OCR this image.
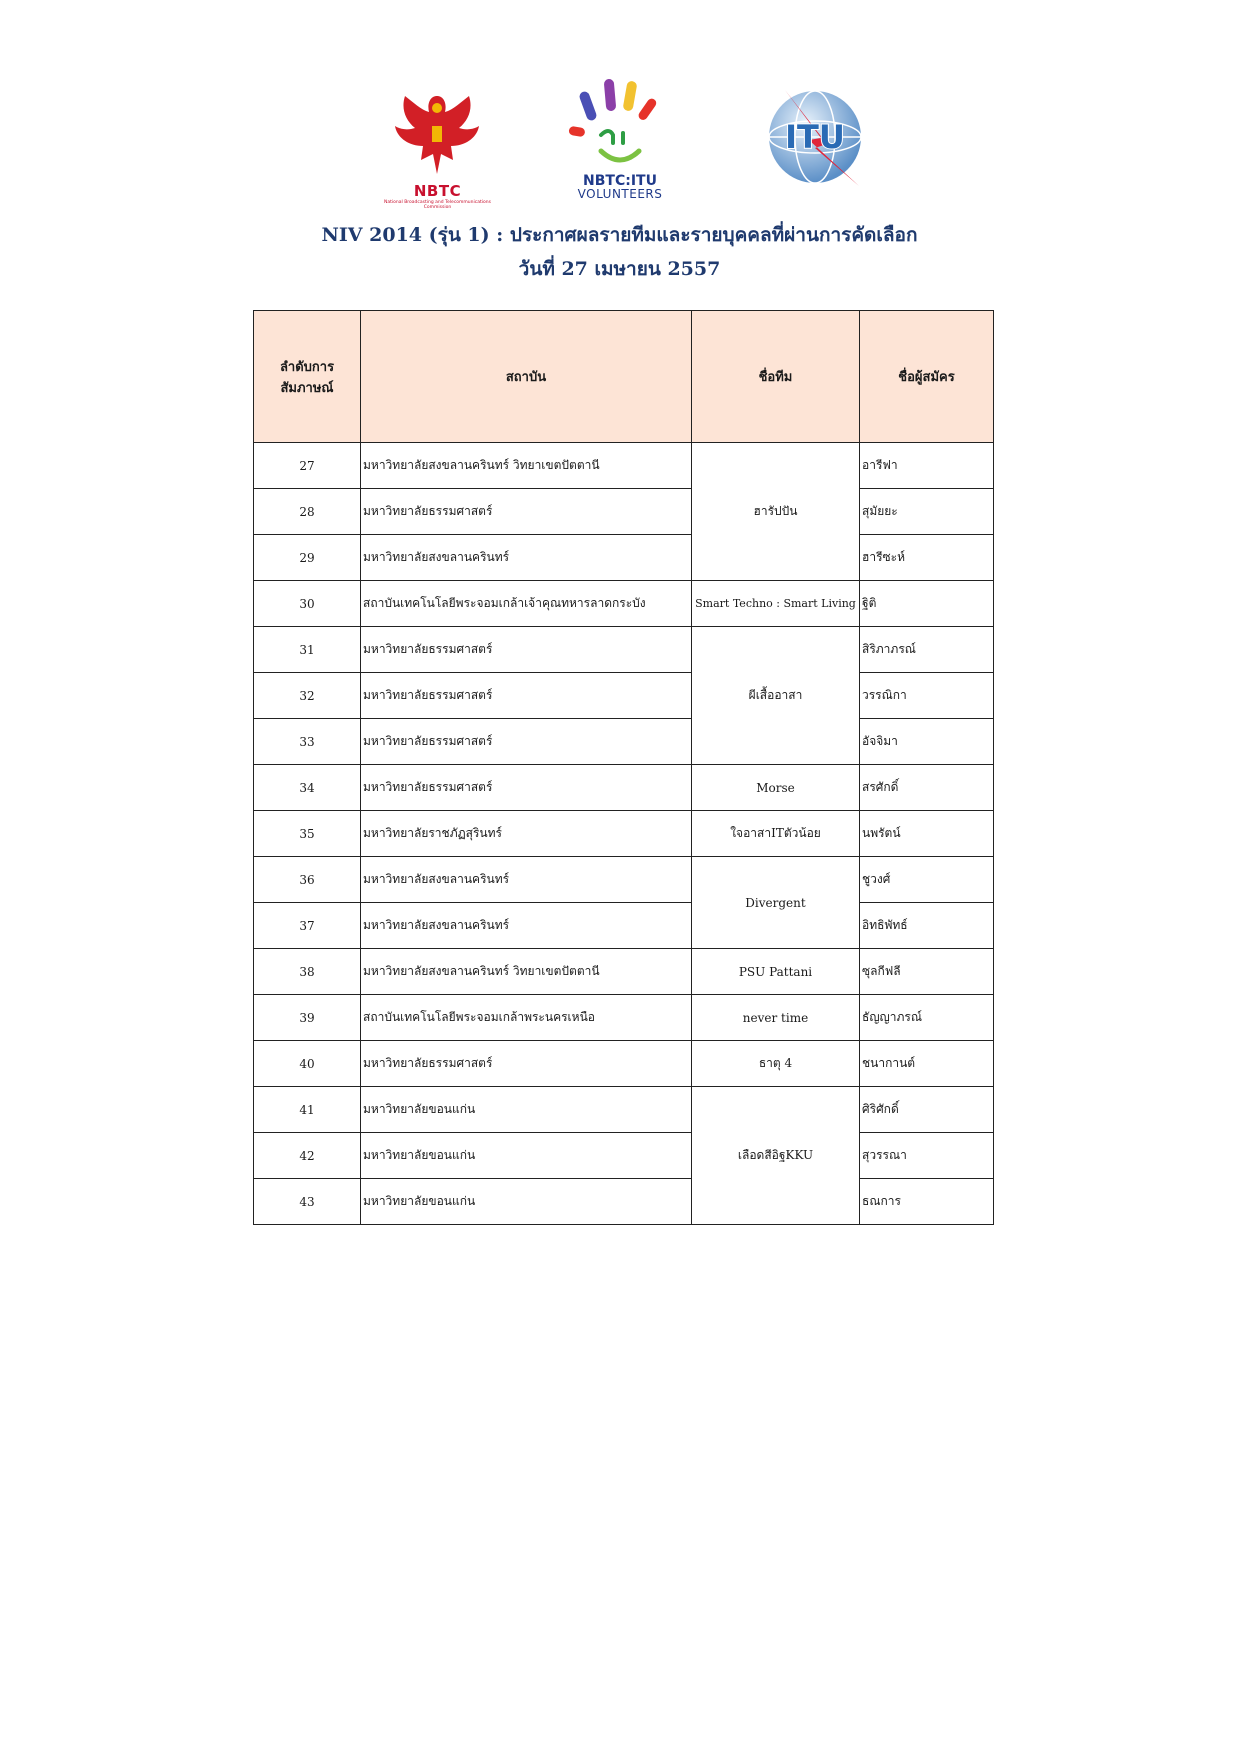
NBTC
National Broadcasting and Telecommunications Commission
NBTC:ITU
VOLUNTEERS
ITU
NIV 2014 (รุ่น 1) : ประกาศผลรายทีมและรายบุคคลที่ผ่านการคัดเลือก
วันที่ 27 เมษายน 2557
ลำดับการสัมภาษณ์	สถาบัน	ชื่อทีม	ชื่อผู้สมัคร
27	มหาวิทยาลัยสงขลานครินทร์ วิทยาเขตปัตตานี	ฮารัปปัน	อารีฟา
28	มหาวิทยาลัยธรรมศาสตร์		สุมัยยะ
29	มหาวิทยาลัยสงขลานครินทร์		ฮารีซะห์
30	สถาบันเทคโนโลยีพระจอมเกล้าเจ้าคุณทหารลาดกระบัง	Smart Techno : Smart Living	ฐิติ
31	มหาวิทยาลัยธรรมศาสตร์	ผีเสื้ออาสา	สิริภาภรณ์
32	มหาวิทยาลัยธรรมศาสตร์		วรรณิกา
33	มหาวิทยาลัยธรรมศาสตร์		อัจจิมา
34	มหาวิทยาลัยธรรมศาสตร์	Morse	สรศักดิ์
35	มหาวิทยาลัยราชภัฏสุรินทร์	ใจอาสาITตัวน้อย	นพรัตน์
36	มหาวิทยาลัยสงขลานครินทร์	Divergent	ชูวงศ์
37	มหาวิทยาลัยสงขลานครินทร์		อิทธิพัทธ์
38	มหาวิทยาลัยสงขลานครินทร์ วิทยาเขตปัตตานี	PSU Pattani	ซุลกีฟลี
39	สถาบันเทคโนโลยีพระจอมเกล้าพระนครเหนือ	never time	ธัญญาภรณ์
40	มหาวิทยาลัยธรรมศาสตร์	ธาตุ 4	ชนากานต์
41	มหาวิทยาลัยขอนแก่น	เลือดสีอิฐKKU	ศิริศักดิ์
42	มหาวิทยาลัยขอนแก่น		สุวรรณา
43	มหาวิทยาลัยขอนแก่น		ธณการ
